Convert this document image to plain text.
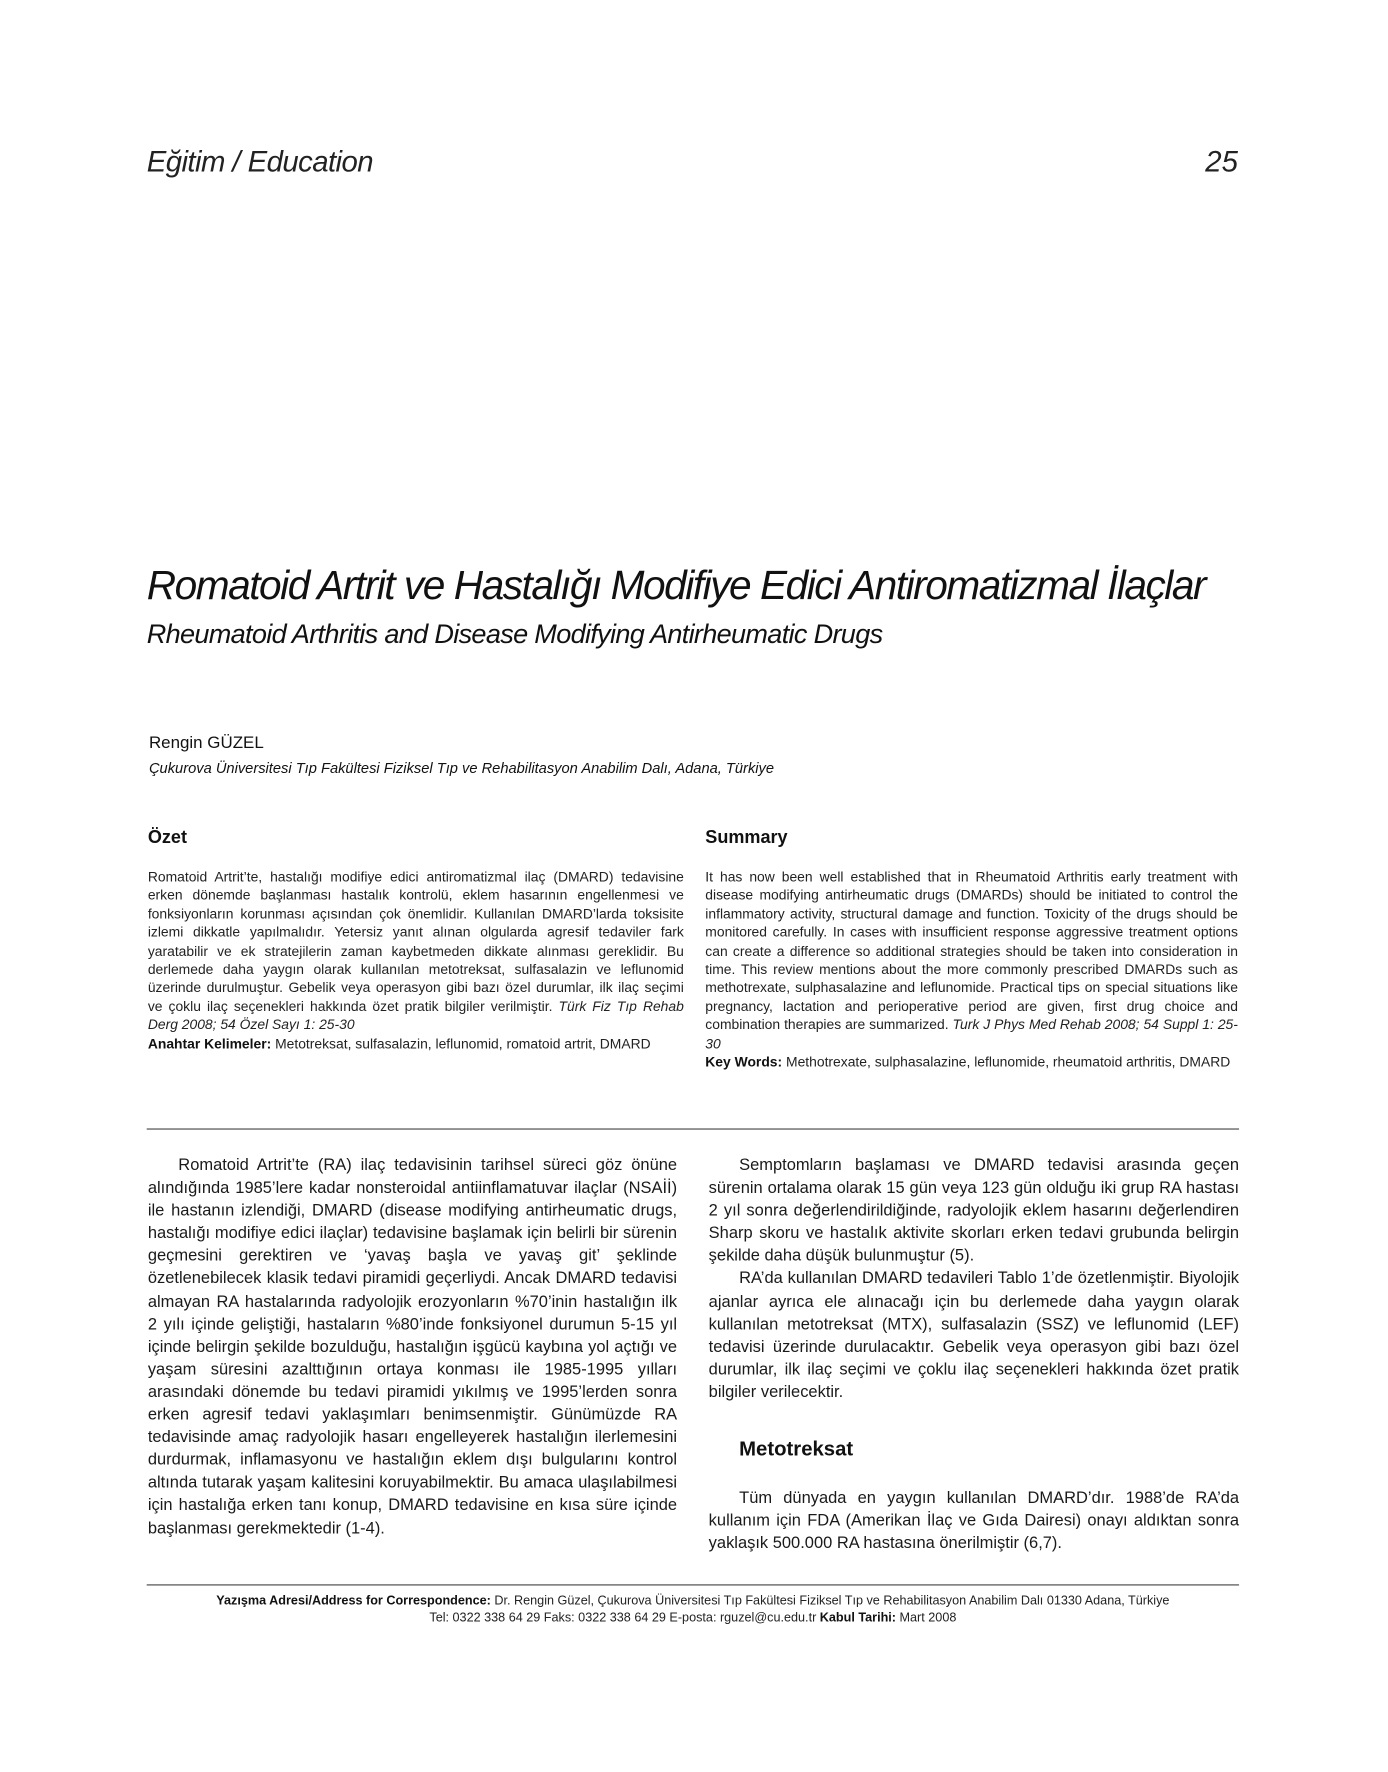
Eğitim / Education	25
Romatoid Artrit ve Hastalığı Modifiye Edici Antiromatizmal İlaçlar
Rheumatoid Arthritis and Disease Modifying Antirheumatic Drugs
Rengin GÜZEL
Çukurova Üniversitesi Tıp Fakültesi Fiziksel Tıp ve Rehabilitasyon Anabilim Dalı, Adana, Türkiye
Özet
Romatoid Artrit’te, hastalığı modifiye edici antiromatizmal ilaç (DMARD) tedavisine erken dönemde başlanması hastalık kontrolü, eklem hasarının engellenmesi ve fonksiyonların korunması açısından çok önemlidir. Kullanılan DMARD’larda toksisite izlemi dikkatle yapılmalıdır. Yetersiz yanıt alınan olgularda agresif tedaviler fark yaratabilir ve ek stratejilerin zaman kaybetmeden dikkate alınması gereklidir. Bu derlemede daha yaygın olarak kullanılan metotreksat, sulfasalazin ve leflunomid üzerinde durulmuştur. Gebelik veya operasyon gibi bazı özel durumlar, ilk ilaç seçimi ve çoklu ilaç seçenekleri hakkında özet pratik bilgiler verilmiştir. Türk Fiz Tıp Rehab Derg 2008; 54 Özel Sayı 1: 25-30
Anahtar Kelimeler: Metotreksat, sulfasalazin, leflunomid, romatoid artrit, DMARD
Summary
It has now been well established that in Rheumatoid Arthritis early treatment with disease modifying antirheumatic drugs (DMARDs) should be initiated to control the inflammatory activity, structural damage and function. Toxicity of the drugs should be monitored carefully. In cases with insufficient response aggressive treatment options can create a difference so additional strategies should be taken into consideration in time. This review mentions about the more commonly prescribed DMARDs such as methotrexate, sulphasalazine and leflunomide. Practical tips on special situations like pregnancy, lactation and perioperative period are given, first drug choice and combination therapies are summarized. Turk J Phys Med Rehab 2008; 54 Suppl 1: 25-30
Key Words: Methotrexate, sulphasalazine, leflunomide, rheumatoid arthritis, DMARD

Romatoid Artrit’te (RA) ilaç tedavisinin tarihsel süreci göz önüne alındığında 1985’lere kadar nonsteroidal antiinflamatuvar ilaçlar (NSAİİ) ile hastanın izlendiği, DMARD (disease modifying antirheumatic drugs, hastalığı modifiye edici ilaçlar) tedavisine başlamak için belirli bir sürenin geçmesini gerektiren ve ‘yavaş başla ve yavaş git’ şeklinde özetlenebilecek klasik tedavi piramidi geçerliydi. Ancak DMARD tedavisi almayan RA hastalarında radyolojik erozyonların %70’inin hastalığın ilk 2 yılı içinde geliştiği, hastaların %80’inde fonksiyonel durumun 5-15 yıl içinde belirgin şekilde bozulduğu, hastalığın işgücü kaybına yol açtığı ve yaşam süresini azalttığının ortaya konması ile 1985-1995 yılları arasındaki dönemde bu tedavi piramidi yıkılmış ve 1995’lerden sonra erken agresif tedavi yaklaşımları benimsenmiştir. Günümüzde RA tedavisinde amaç radyolojik hasarı engelleyerek hastalığın ilerlemesini durdurmak, inflamasyonu ve hastalığın eklem dışı bulgularını kontrol altında tutarak yaşam kalitesini koruyabilmektir. Bu amaca ulaşılabilmesi için hastalığa erken tanı konup, DMARD tedavisine en kısa süre içinde başlanması gerekmektedir (1-4).

Semptomların başlaması ve DMARD tedavisi arasında geçen sürenin ortalama olarak 15 gün veya 123 gün olduğu iki grup RA hastası 2 yıl sonra değerlendirildiğinde, radyolojik eklem hasarını değerlendiren Sharp skoru ve hastalık aktivite skorları erken tedavi grubunda belirgin şekilde daha düşük bulunmuştur (5).

RA’da kullanılan DMARD tedavileri Tablo 1’de özetlenmiştir. Biyolojik ajanlar ayrıca ele alınacağı için bu derlemede daha yaygın olarak kullanılan metotreksat (MTX), sulfasalazin (SSZ) ve leflunomid (LEF) tedavisi üzerinde durulacaktır. Gebelik veya operasyon gibi bazı özel durumlar, ilk ilaç seçimi ve çoklu ilaç seçenekleri hakkında özet pratik bilgiler verilecektir.

Metotreksat

Tüm dünyada en yaygın kullanılan DMARD’dır. 1988’de RA’da kullanım için FDA (Amerikan İlaç ve Gıda Dairesi) onayı aldıktan sonra yaklaşık 500.000 RA hastasına önerilmiştir (6,7).

Yazışma Adresi/Address for Correspondence: Dr. Rengin Güzel, Çukurova Üniversitesi Tıp Fakültesi Fiziksel Tıp ve Rehabilitasyon Anabilim Dalı 01330 Adana, Türkiye
Tel: 0322 338 64 29 Faks: 0322 338 64 29 E-posta: rguzel@cu.edu.tr Kabul Tarihi: Mart 2008
